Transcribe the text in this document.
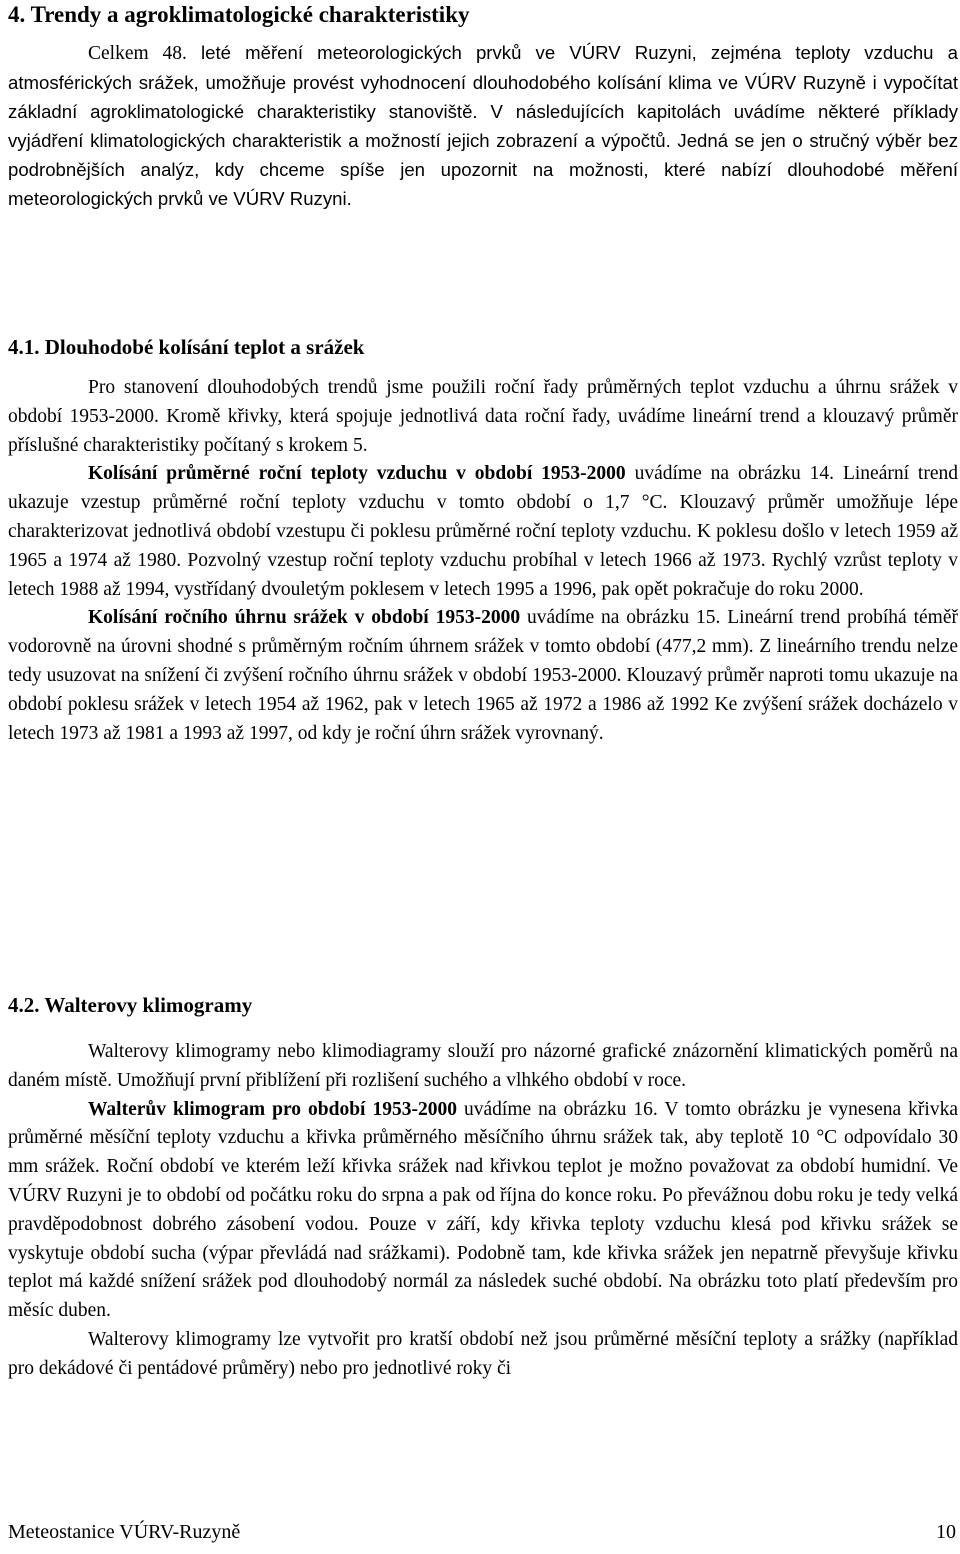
4. Trendy a agroklimatologické charakteristiky

Celkem 48. leté měření meteorologických prvků ve VÚRV Ruzyni, zejména teploty vzduchu a atmosférických srážek, umožňuje provést vyhodnocení dlouhodobého kolísání klima ve VÚRV Ruzyně i vypočítat základní agroklimatologické charakteristiky stanoviště. V následujících kapitolách uvádíme některé příklady vyjádření klimatologických charakteristik a možností jejich zobrazení a výpočtů. Jedná se jen o stručný výběr bez podrobnějších analýz, kdy chceme spíše jen upozornit na možnosti, které nabízí dlouhodobé měření meteorologických prvků ve VÚRV Ruzyni.

4.1. Dlouhodobé kolísání teplot a srážek

Pro stanovení dlouhodobých trendů jsme použili roční řady průměrných teplot vzduchu a úhrnu srážek v období 1953-2000. Kromě křivky, která spojuje jednotlivá data roční řady, uvádíme lineární trend a klouzavý průměr příslušné charakteristiky počítaný s krokem 5.

Kolísání průměrné roční teploty vzduchu v období 1953-2000 uvádíme na obrázku 14. Lineární trend ukazuje vzestup průměrné roční teploty vzduchu v tomto období o 1,7 °C. Klouzavý průměr umožňuje lépe charakterizovat jednotlivá období vzestupu či poklesu průměrné roční teploty vzduchu. K poklesu došlo v letech 1959 až 1965 a 1974 až 1980. Pozvolný vzestup roční teploty vzduchu probíhal v letech 1966 až 1973. Rychlý vzrůst teploty v letech 1988 až 1994, vystřídaný dvouletým poklesem v letech 1995 a 1996, pak opět pokračuje do roku 2000.

Kolísání ročního úhrnu srážek v období 1953-2000 uvádíme na obrázku 15. Lineární trend probíhá téměř vodorovně na úrovni shodné s průměrným ročním úhrnem srážek v tomto období (477,2 mm). Z lineárního trendu nelze tedy usuzovat na snížení či zvýšení ročního úhrnu srážek v období 1953-2000. Klouzavý průměr naproti tomu ukazuje na období poklesu srážek v letech 1954 až 1962, pak v letech 1965 až 1972 a 1986 až 1992 Ke zvýšení srážek docházelo v letech 1973 až 1981 a 1993 až 1997, od kdy je roční úhrn srážek vyrovnaný.

4.2. Walterovy klimogramy

Walterovy klimogramy nebo klimodiagramy slouží pro názorné grafické znázornění klimatických poměrů na daném místě. Umožňují první přiblížení při rozlišení suchého a vlhkého období v roce.

Walterův klimogram pro období 1953-2000 uvádíme na obrázku 16. V tomto obrázku je vynesena křivka průměrné měsíční teploty vzduchu a křivka průměrného měsíčního úhrnu srážek tak, aby teplotě 10 °C odpovídalo 30 mm srážek. Roční období ve kterém leží křivka srážek nad křivkou teplot je možno považovat za období humidní. Ve VÚRV Ruzyni je to období od počátku roku do srpna a pak od října do konce roku. Po převážnou dobu roku je tedy velká pravděpodobnost dobrého zásobení vodou. Pouze v září, kdy křivka teploty vzduchu klesá pod křivku srážek se vyskytuje období sucha (výpar převládá nad srážkami). Podobně tam, kde křivka srážek jen nepatrně převyšuje křivku teplot má každé snížení srážek pod dlouhodobý normál za následek suché období. Na obrázku toto platí především pro měsíc duben.

Walterovy klimogramy lze vytvořit pro kratší období než jsou průměrné měsíční teploty a srážky (například pro dekádové či pentádové průměry) nebo pro jednotlivé roky či

Meteostanice VÚRV-Ruzyně	10
